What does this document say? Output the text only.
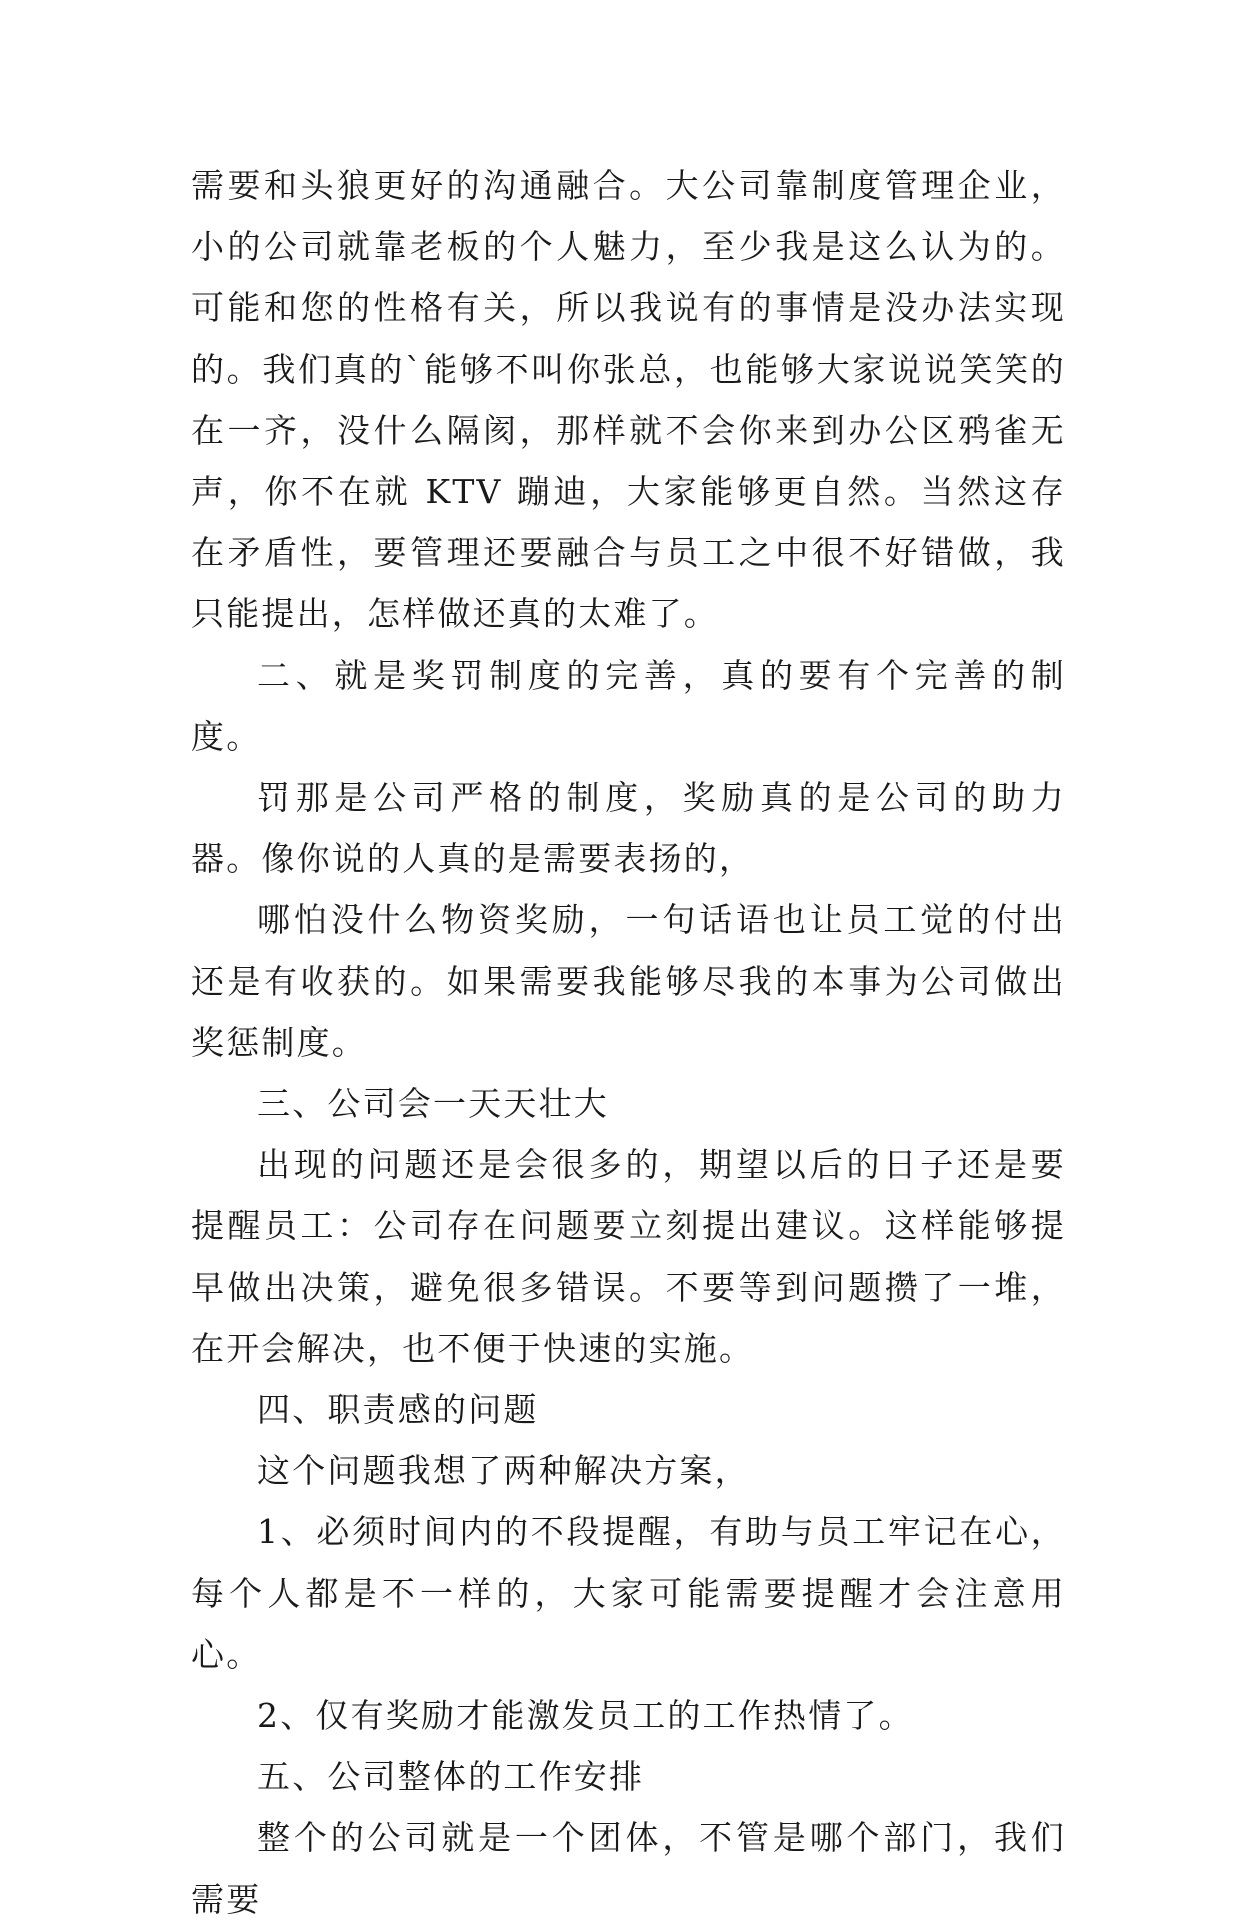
需要和头狼更好的沟通融合。大公司靠制度管理企业，小的公司就靠老板的个人魅力，至少我是这么认为的。可能和您的性格有关，所以我说有的事情是没办法实现的。我们真的`能够不叫你张总，也能够大家说说笑笑的在一齐，没什么隔阂，那样就不会你来到办公区鸦雀无声，你不在就 KTV 蹦迪，大家能够更自然。当然这存在矛盾性，要管理还要融合与员工之中很不好错做，我只能提出，怎样做还真的太难了。

二、就是奖罚制度的完善，真的要有个完善的制度。

罚那是公司严格的制度，奖励真的是公司的助力器。像你说的人真的是需要表扬的，

哪怕没什么物资奖励，一句话语也让员工觉的付出还是有收获的。如果需要我能够尽我的本事为公司做出奖惩制度。

三、公司会一天天壮大

出现的问题还是会很多的，期望以后的日子还是要提醒员工：公司存在问题要立刻提出建议。这样能够提早做出决策，避免很多错误。不要等到问题攒了一堆，在开会解决，也不便于快速的实施。

四、职责感的问题

这个问题我想了两种解决方案，

1、必须时间内的不段提醒，有助与员工牢记在心，每个人都是不一样的，大家可能需要提醒才会注意用心。

2、仅有奖励才能激发员工的工作热情了。

五、公司整体的工作安排

整个的公司就是一个团体，不管是哪个部门，我们需要
